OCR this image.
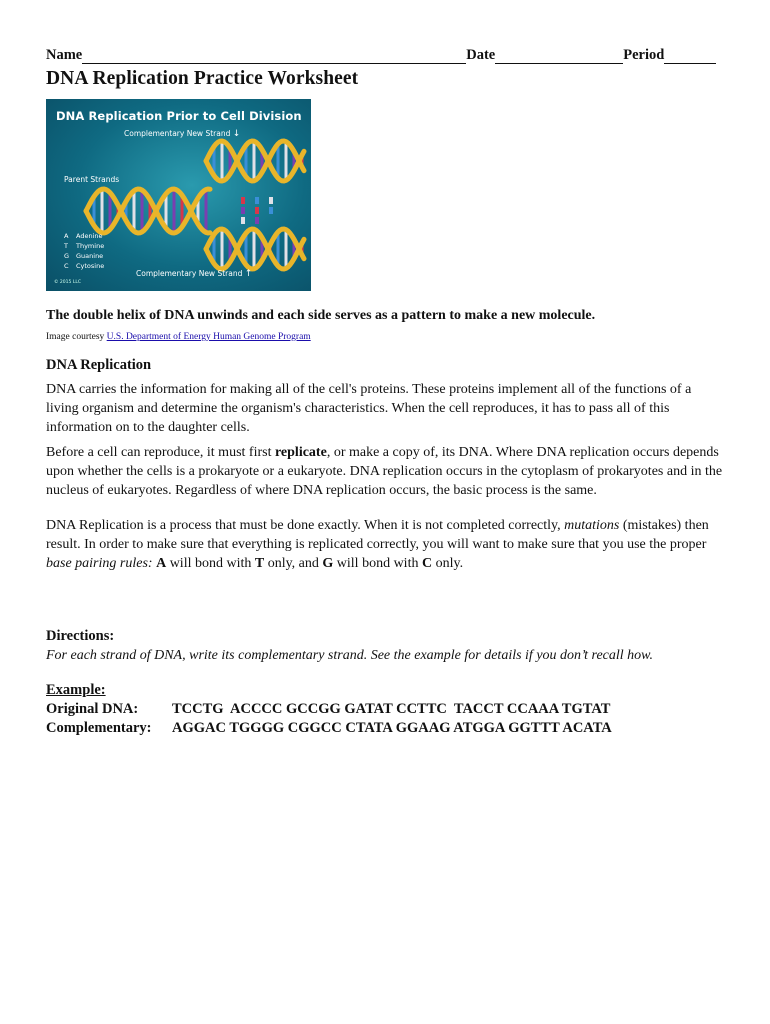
Name	Date	Period
DNA Replication Practice Worksheet
DNA Replication Prior to Cell Division
Complementary New Strand ↓
Parent Strands
A Adenine
T Thymine
G Guanine
C Cytosine
Complementary New Strand ↑
© 2015 LLC
The double helix of DNA unwinds and each side serves as a pattern to make a new molecule.
Image courtesy U.S. Department of Energy Human Genome Program
DNA Replication

DNA carries the information for making all of the cell's proteins. These proteins implement all of the functions of a living organism and determine the organism's characteristics. When the cell reproduces, it has to pass all of this information on to the daughter cells.

Before a cell can reproduce, it must first replicate, or make a copy of, its DNA. Where DNA replication occurs depends upon whether the cells is a prokaryote or a eukaryote. DNA replication occurs in the cytoplasm of prokaryotes and in the nucleus of eukaryotes. Regardless of where DNA replication occurs, the basic process is the same.

DNA Replication is a process that must be done exactly. When it is not completed correctly, mutations (mistakes) then result. In order to make sure that everything is replicated correctly, you will want to make sure that you use the proper base pairing rules: A will bond with T only, and G will bond with C only.

Directions:
For each strand of DNA, write its complementary strand. See the example for details if you don’t recall how.
Example:
Original DNA:	TCCTG  ACCCC GCCGG GATAT CCTTC  TACCT CCAAA TGTAT
Complementary:	AGGAC TGGGG CGGCC CTATA GGAAG ATGGA GGTTT ACATA
